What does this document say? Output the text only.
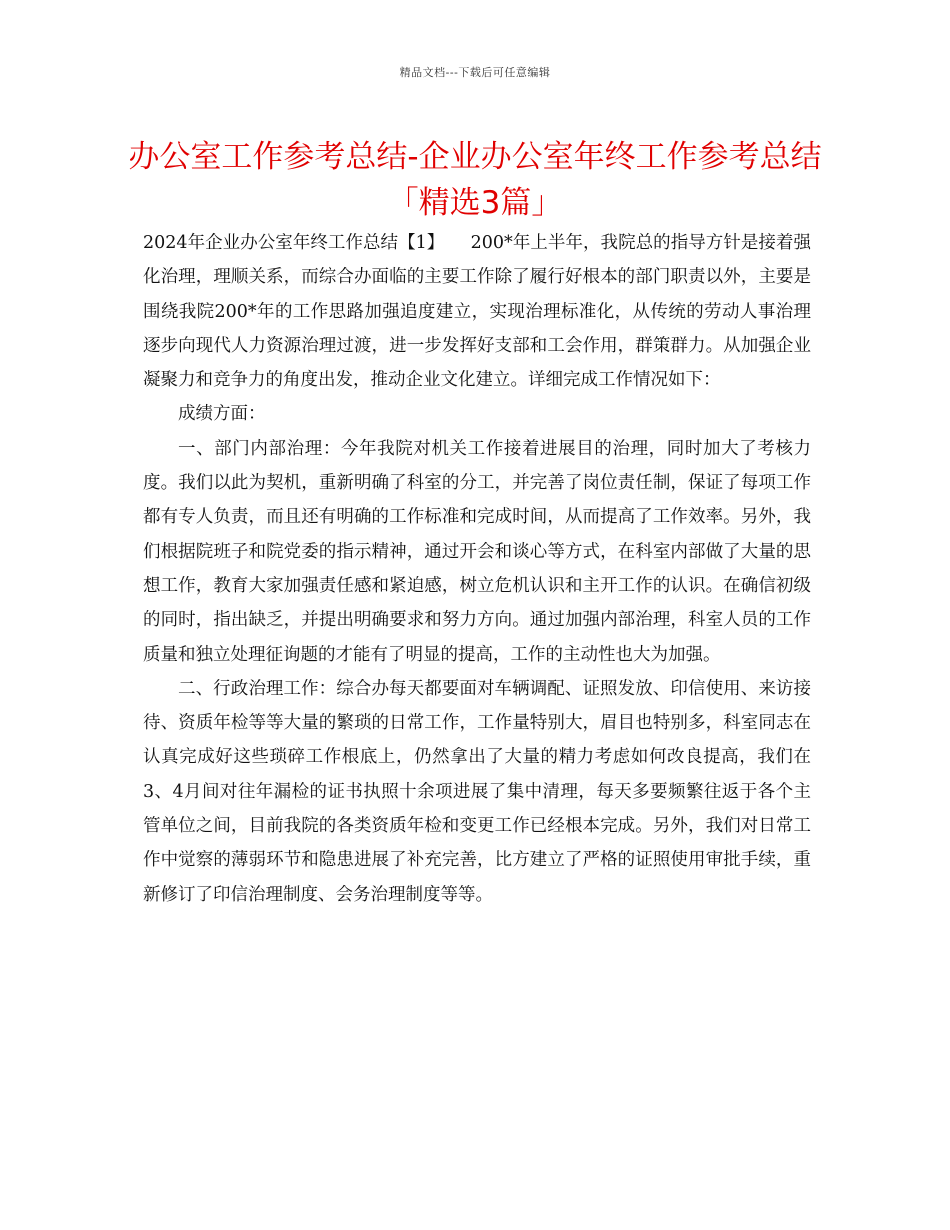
精品文档---下载后可任意编辑
办公室工作参考总结-企业办公室年终工作参考总结「精选3篇」

2024年企业办公室年终工作总结【1】　　200*年上半年，我院总的指导方针是接着强化治理，理顺关系，而综合办面临的主要工作除了履行好根本的部门职责以外，主要是围绕我院200*年的工作思路加强追度建立，实现治理标准化，从传统的劳动人事治理逐步向现代人力资源治理过渡，进一步发挥好支部和工会作用，群策群力。从加强企业凝聚力和竞争力的角度出发，推动企业文化建立。详细完成工作情况如下：

成绩方面：

一、部门内部治理：今年我院对机关工作接着进展目的治理，同时加大了考核力度。我们以此为契机，重新明确了科室的分工，并完善了岗位责任制，保证了每项工作都有专人负责，而且还有明确的工作标准和完成时间，从而提高了工作效率。另外，我们根据院班子和院党委的指示精神，通过开会和谈心等方式，在科室内部做了大量的思想工作，教育大家加强责任感和紧迫感，树立危机认识和主开工作的认识。在确信初级的同时，指出缺乏，并提出明确要求和努力方向。通过加强内部治理，科室人员的工作质量和独立处理征询题的才能有了明显的提高，工作的主动性也大为加强。

二、行政治理工作：综合办每天都要面对车辆调配、证照发放、印信使用、来访接待、资质年检等等大量的繁琐的日常工作，工作量特别大，眉目也特别多，科室同志在认真完成好这些琐碎工作根底上，仍然拿出了大量的精力考虑如何改良提高，我们在3、4月间对往年漏检的证书执照十余项进展了集中清理，每天多要频繁往返于各个主管单位之间，目前我院的各类资质年检和变更工作已经根本完成。另外，我们对日常工作中觉察的薄弱环节和隐患进展了补充完善，比方建立了严格的证照使用审批手续，重新修订了印信治理制度、会务治理制度等等。
